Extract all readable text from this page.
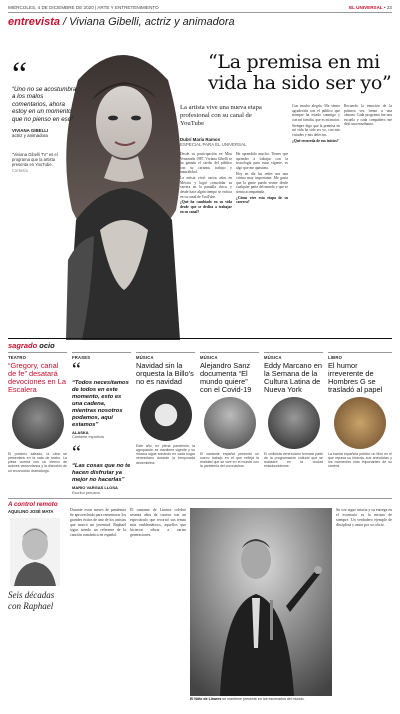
MIÉRCOLES, 4 DE DICIEMBRE DE 2020 | ARTE Y ENTRETENIMIENTO	EL UNIVERSAL • 23
entrevista / Viviana Gibelli, actriz y animadora
“
“Uno no se acostumbra a los malos comentarios, ahora estoy en un momento que no pienso en eso”
VIVIANA GIBELLI
actriz y animadora
“Viviana Gibelli TV” es el programa que la artista presenta en YouTube.
Cortesía
“La premisa en mi vida ha sido ser yo”
La artista vive una nueva etapa profesional con su canal de YouTube
Dubrí María Ramos
ESPECIAL PARA EL UNIVERSAL

Desde su participación en Miss Venezuela 1987, Viviana Gibelli se ha ganado el cariño del público con su carisma, trabajo y naturalidad.

La artista vivió varios años en México y logró consolidar su carrera en la pantalla chica, y desde hace algún tiempo se enfoca en su canal de YouTube.

¿Qué ha cambiado en su vida desde que se dedica a trabajar en su canal?

He aprendido mucho. Tienes que aprender a trabajar con la tecnología para estar vigente, es algo que me apasiona.

Hoy en día las redes son una vitrina muy importante. Me gusta que la gente pueda verme desde cualquier parte del mundo y que se sienta acompañada.

¿Cómo vive esta etapa de su carrera?

Con mucha alegría. Me siento agradecida con el público que siempre ha estado conmigo y con mi familia, que es mi motor.

Siempre digo que la premisa en mi vida ha sido ser yo, con mis virtudes y mis defectos.

¿Qué recuerda de sus inicios?

Recuerdo la emoción de la primera vez frente a una cámara. Cada programa fue una escuela y cada compañero me dejó una enseñanza.

sagrado ocio
TEATRO
“Gregory, canal de fe” desatará devociones en La Escalera
El próximo sábado, la obra se presentará en la sala de teatro. La pieza cuenta con un elenco de actores venezolanos y la dirección de un reconocido dramaturgo.
FRASES
“
“Todos necesitamos de todos en este momento, esto es una cadena, mientras nosotros podamos, aquí estamos”
ALASKA
Cantante española
“
“Las cosas que no te hacen disfrutar ya mejor no hacerlas”
MARIO VARGAS LLOSA
Escritor peruano
MÚSICA
Navidad sin la orquesta la Billo’s no es navidad
Este año, en plena pandemia, la agrupación se mantiene vigente y su música sigue sonando en cada hogar venezolano durante la temporada decembrina.
MÚSICA
Alejandro Sanz documenta “El mundo quiere” con el Covid-19
El cantante español presentó un nuevo trabajo en el que refleja la realidad que se vive en el mundo con la pandemia del coronavirus.
MÚSICA
Eddy Marcano en la Semana de la Cultura Latina de Nueva York
El violinista venezolano formará parte de la programación cultural que se realizará en la ciudad estadounidense.
LIBRO
El humor irreverente de Hombres G se trasladó al papel
La banda española publicó un libro en el que repasa su historia, sus anécdotas y los momentos más importantes de su carrera.
A control remoto
AQUILINO JOSÉ MATA
Seis décadas con Raphael

Durante estos meses de pandemia he aprovechado para rememorar los grandes éxitos de uno de los artistas que marcó mi juventud. Raphael sigue siendo un referente de la canción romántica en español.

El cantante de Linares celebró sesenta años de carrera con un espectáculo que recorrió sus temas más emblemáticos, aquellos que hicieron vibrar a varias generaciones.

El Niño de Linares se mantiene presente en los escenarios del mundo.

Su voz sigue intacta y su entrega en el escenario es la misma de siempre. Un verdadero ejemplo de disciplina y amor por su oficio.
